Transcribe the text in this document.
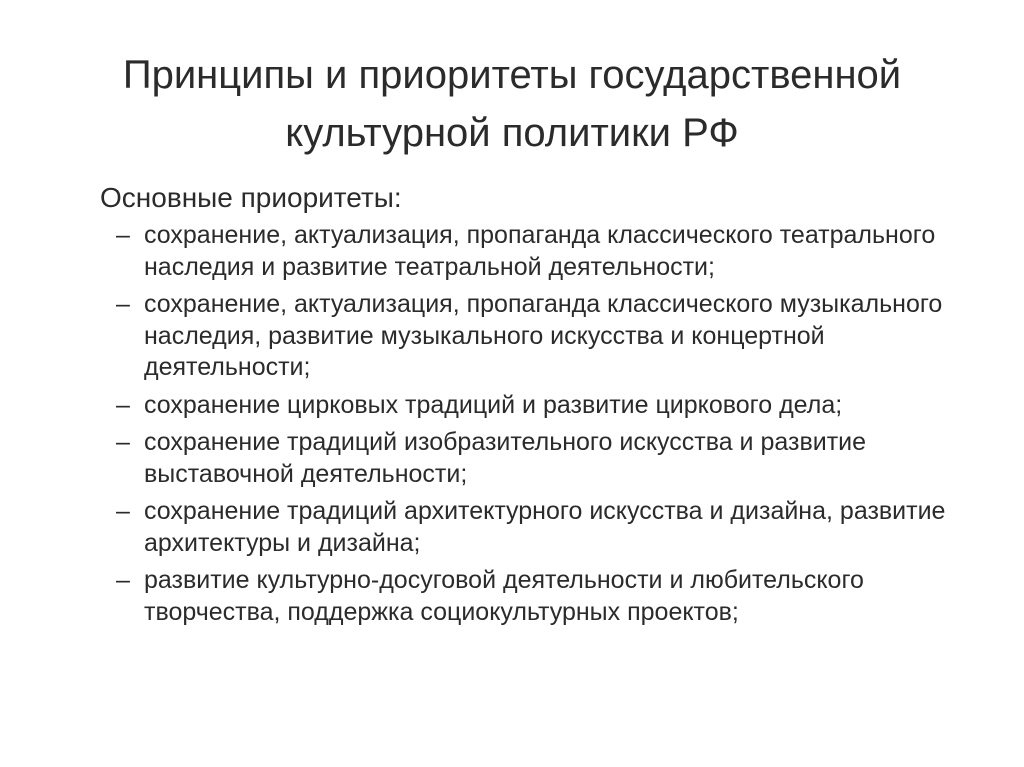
Принципы и приоритеты государственной культурной политики РФ

Основные приоритеты:

– сохранение, актуализация, пропаганда классического театрального наследия и развитие театральной деятельности;
– сохранение, актуализация, пропаганда классического музыкального наследия, развитие музыкального искусства и концертной деятельности;
– сохранение цирковых традиций и развитие циркового дела;
– сохранение традиций изобразительного искусства и развитие выставочной деятельности;
– сохранение традиций архитектурного искусства и дизайна, развитие архитектуры и дизайна;
– развитие культурно-досуговой деятельности и любительского творчества, поддержка социокультурных проектов;
